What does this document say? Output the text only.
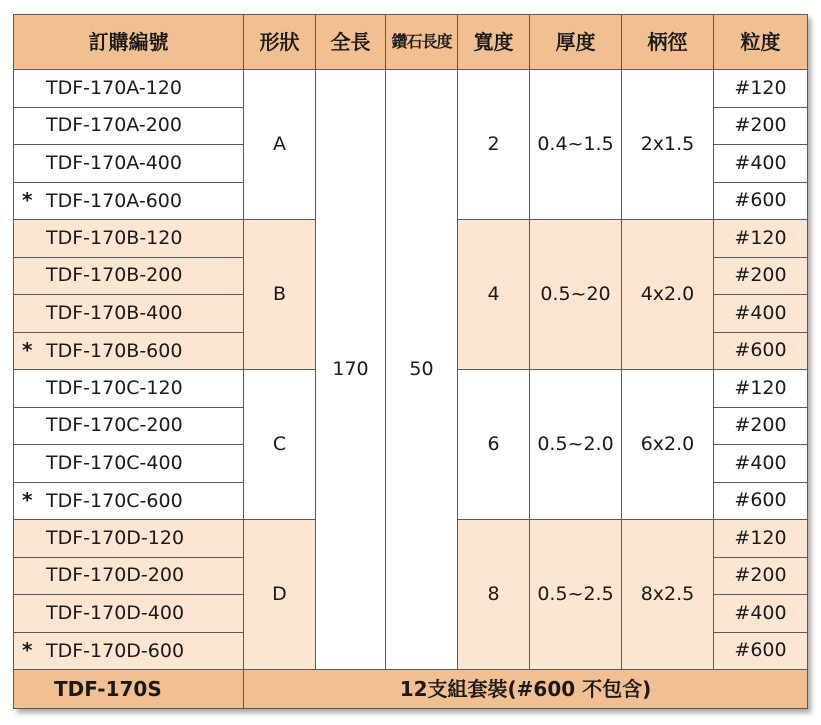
訂購編號	形狀	全長	鑽石長度	寬度	厚度	柄徑	粒度
TDF-170A-120	A	170	50	2	0.4~1.5	2x1.5	#120
TDF-170A-200							#200
TDF-170A-400							#400
* TDF-170A-600							#600
TDF-170B-120	B			4	0.5~20	4x2.0	#120
TDF-170B-200							#200
TDF-170B-400							#400
* TDF-170B-600							#600
TDF-170C-120	C			6	0.5~2.0	6x2.0	#120
TDF-170C-200							#200
TDF-170C-400							#400
* TDF-170C-600							#600
TDF-170D-120	D			8	0.5~2.5	8x2.5	#120
TDF-170D-200							#200
TDF-170D-400							#400
* TDF-170D-600							#600
TDF-170S	12支組套裝(#600 不包含)						
